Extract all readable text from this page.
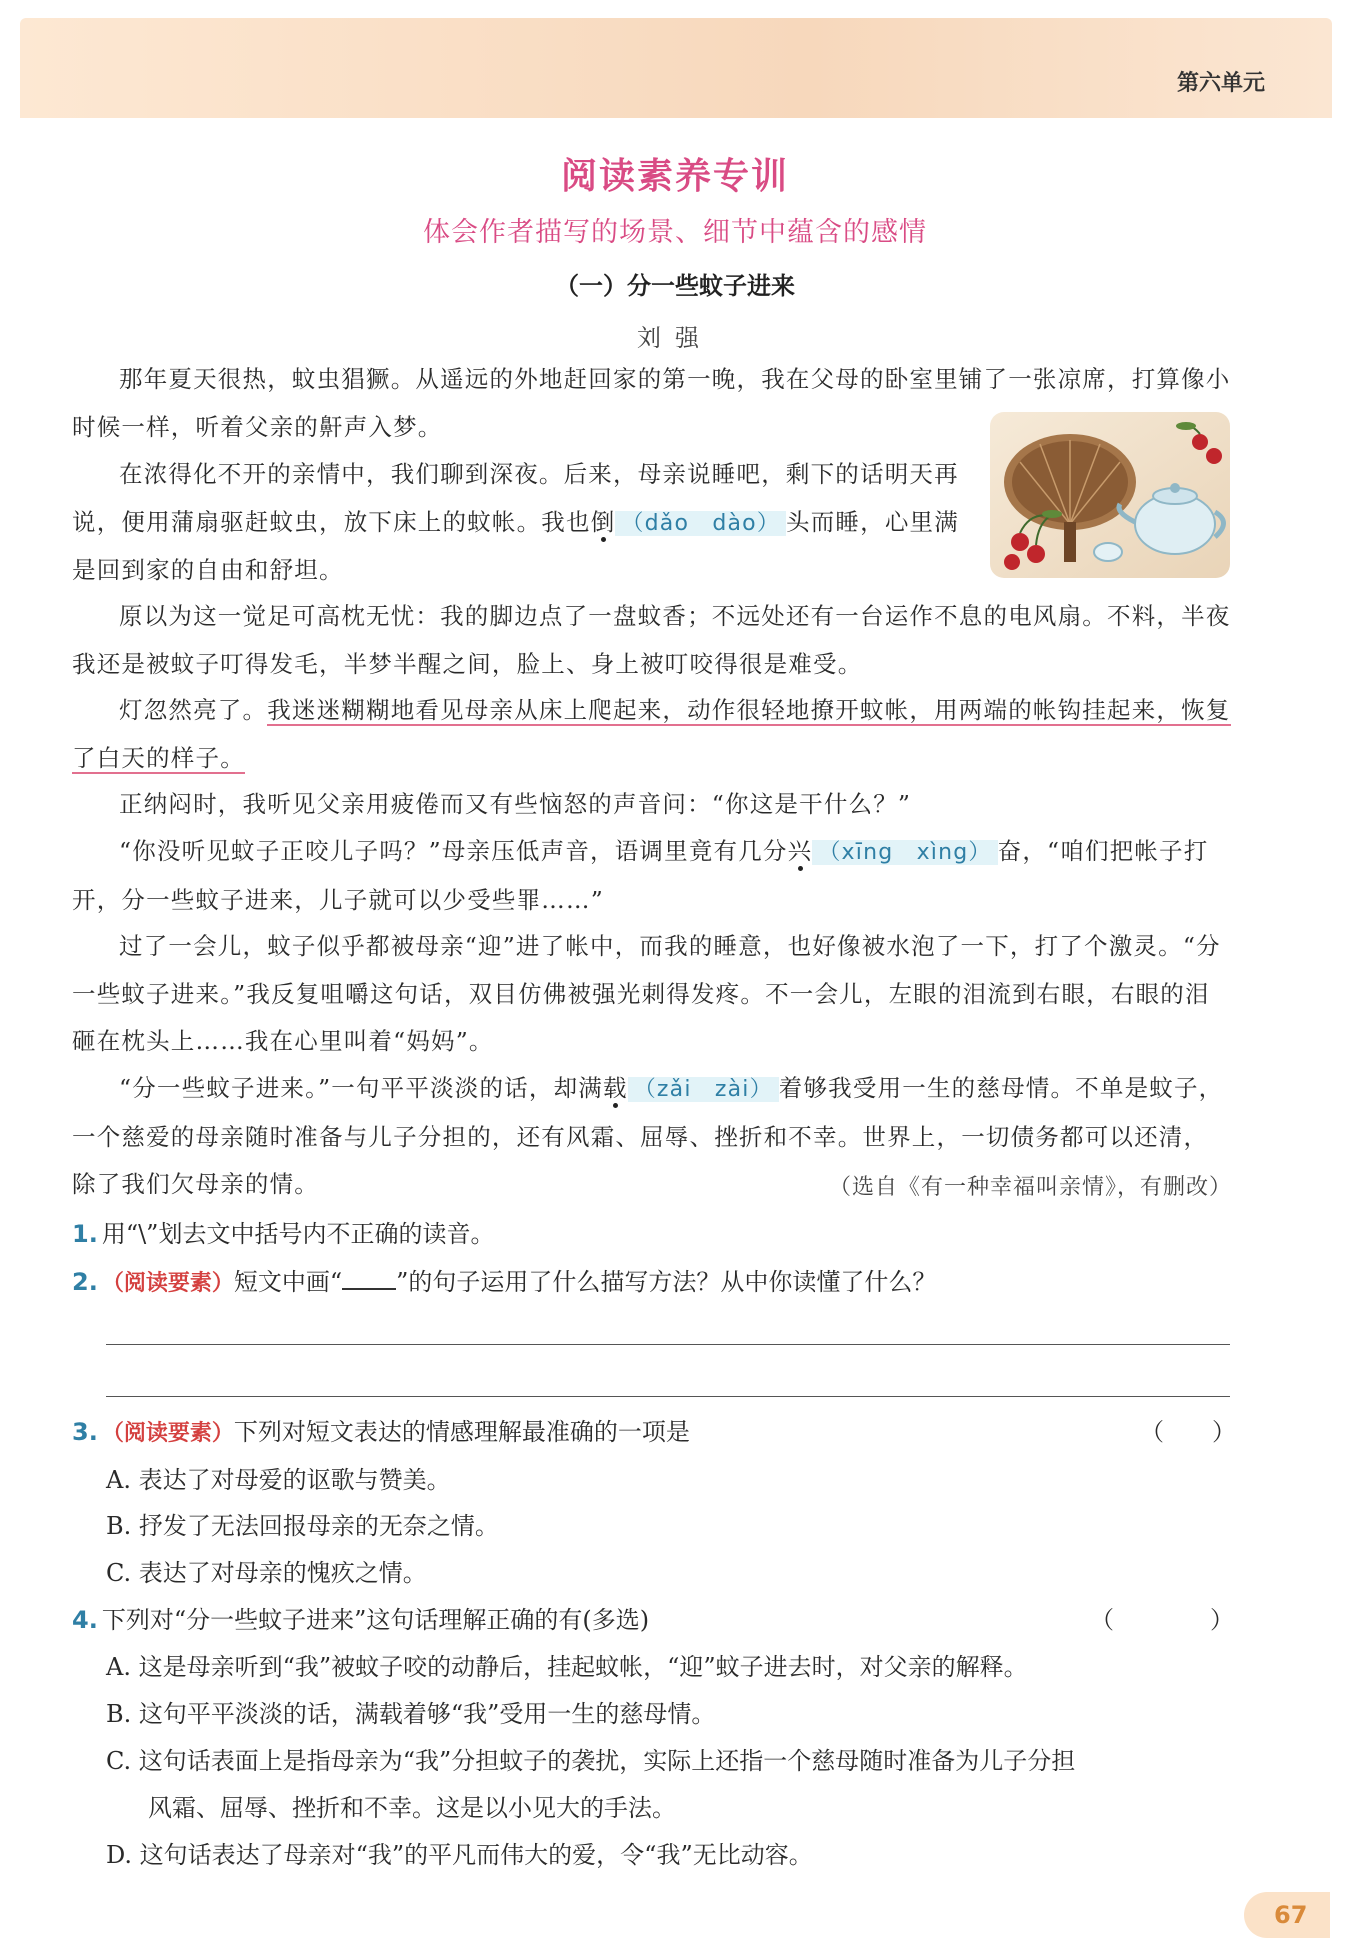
第六单元
阅读素养专训
体会作者描写的场景、细节中蕴含的感情
（一）分一些蚊子进来
刘强

那年夏天很热，蚊虫猖獗。从遥远的外地赶回家的第一晚，我在父母的卧室里铺了一张凉席，打算像小时候一样，听着父亲的鼾声入梦。

在浓得化不开的亲情中，我们聊到深夜。后来，母亲说睡吧，剩下的话明天再说，便用蒲扇驱赶蚊虫，放下床上的蚊帐。我也倒 （dǎo　dào） 头而睡，心里满是回到家的自由和舒坦。

原以为这一觉足可高枕无忧：我的脚边点了一盘蚊香；不远处还有一台运作不息的电风扇。不料，半夜我还是被蚊子叮得发毛，半梦半醒之间，脸上、身上被叮咬得很是难受。

灯忽然亮了。我迷迷糊糊地看见母亲从床上爬起来，动作很轻地撩开蚊帐，用两端的帐钩挂起来，恢复了白天的样子。

正纳闷时，我听见父亲用疲倦而又有些恼怒的声音问：“你这是干什么？”

“你没听见蚊子正咬儿子吗？”母亲压低声音，语调里竟有几分兴 （xīng　xìng） 奋，“咱们把帐子打开，分一些蚊子进来，儿子就可以少受些罪……”

过了一会儿，蚊子似乎都被母亲“迎”进了帐中，而我的睡意，也好像被水泡了一下，打了个激灵。“分一些蚊子进来。”我反复咀嚼这句话，双目仿佛被强光刺得发疼。不一会儿，左眼的泪流到右眼，右眼的泪砸在枕头上……我在心里叫着“妈妈”。

“分一些蚊子进来。”一句平平淡淡的话，却满载 （zǎi　zài） 着够我受用一生的慈母情。不单是蚊子，一个慈爱的母亲随时准备与儿子分担的，还有风霜、屈辱、挫折和不幸。世界上，一切债务都可以还清，除了我们欠母亲的情。	（选自《有一种幸福叫亲情》，有删改）

1. 用“\”划去文中括号内不正确的读音。

2. （阅读要素）短文中画“ ”的句子运用了什么描写方法？从中你读懂了什么？

3. （阅读要素）下列对短文表达的情感理解最准确的一项是	（　　）

A. 表达了对母爱的讴歌与赞美。

B. 抒发了无法回报母亲的无奈之情。

C. 表达了对母亲的愧疚之情。

4. 下列对“分一些蚊子进来”这句话理解正确的有(多选)	（　　　　）

A. 这是母亲听到“我”被蚊子咬的动静后，挂起蚊帐，“迎”蚊子进去时，对父亲的解释。

B. 这句平平淡淡的话，满载着够“我”受用一生的慈母情。

C. 这句话表面上是指母亲为“我”分担蚊子的袭扰，实际上还指一个慈母随时准备为儿子分担

风霜、屈辱、挫折和不幸。这是以小见大的手法。

D. 这句话表达了母亲对“我”的平凡而伟大的爱，令“我”无比动容。

67
